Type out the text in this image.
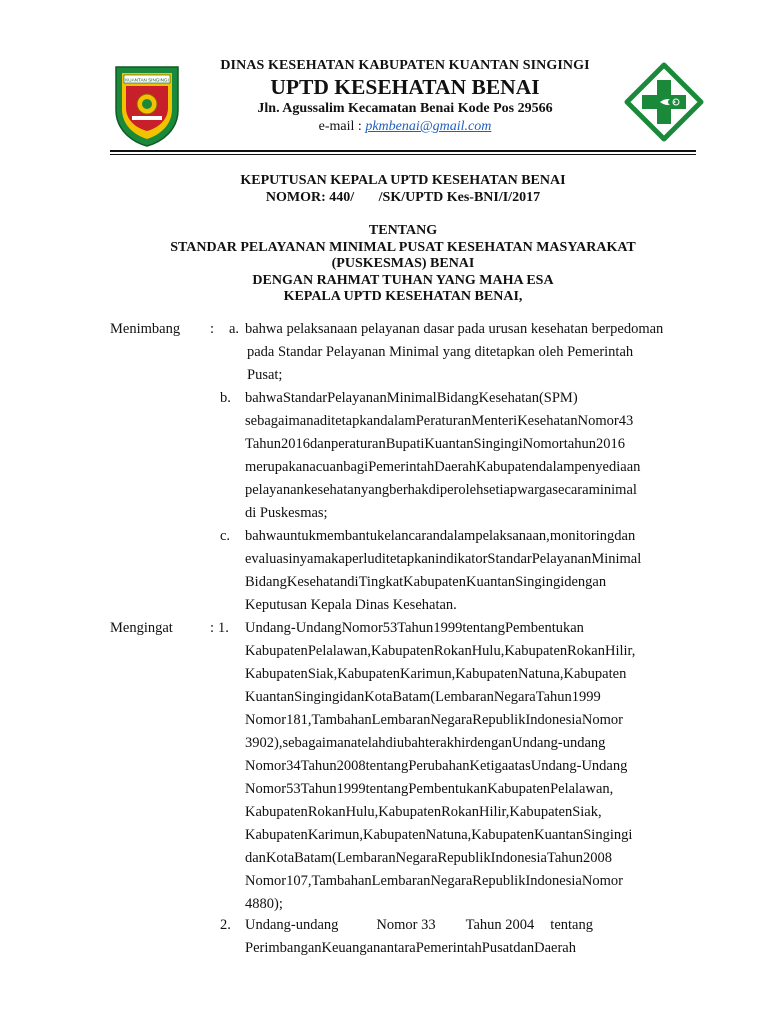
KUANTAN SINGINGI
DINAS KESEHATAN KABUPATEN KUANTAN SINGINGI
UPTD KESEHATAN BENAI
Jln. Agussalim Kecamatan Benai Kode Pos 29566
e-mail : pkmbenai@gmail.com
KEPUTUSAN KEPALA UPTD KESEHATAN BENAI
NOMOR: 440/       /SK/UPTD Kes-BNI/I/2017
TENTANG
STANDAR PELAYANAN MINIMAL PUSAT KESEHATAN MASYARAKAT
(PUSKESMAS) BENAI
DENGAN RAHMAT TUHAN YANG MAHA ESA
KEPALA UPTD KESEHATAN BENAI,
Menimbang : a. bahwa pelaksanaan pelayanan dasar pada urusan kesehatan berpedoman
pada Standar Pelayanan Minimal yang ditetapkan oleh Pemerintah
Pusat;
b. bahwaStandarPelayananMinimalBidangKesehatan(SPM)
sebagaimanaditetapkandalamPeraturanMenteriKesehatanNomor43
Tahun2016danperaturanBupatiKuantanSingingiNomortahun2016
merupakanacuanbagiPemerintahDaerahKabupatendalampenyediaan
pelayanankesehatanyangberhakdiperolehsetiapwargasecaraminimal
di Puskesmas;
c. bahwauntukmembantukelancarandalampelaksanaan,monitoringdan
evaluasinyamakaperluditetapkanindikatorStandarPelayananMinimal
BidangKesehatandiTingkatKabupatenKuantanSingingidengan
Keputusan Kepala Dinas Kesehatan.
Mengingat	: 1. Undang-UndangNomor53Tahun1999tentangPembentukan
KabupatenPelalawan,KabupatenRokanHulu,KabupatenRokanHilir,
KabupatenSiak,KabupatenKarimun,KabupatenNatuna,Kabupaten
KuantanSingingidanKotaBatam(LembaranNegaraTahun1999
Nomor181,TambahanLembaranNegaraRepublikIndonesiaNomor
3902),sebagaimanatelahdiubahterakhirdenganUndang-undang
Nomor34Tahun2008tentangPerubahanKetigaatasUndang-Undang
Nomor53Tahun1999tentangPembentukanKabupatenPelalawan,
KabupatenRokanHulu,KabupatenRokanHilir,KabupatenSiak,
KabupatenKarimun,KabupatenNatuna,KabupatenKuantanSingingi
danKotaBatam(LembaranNegaraRepublikIndonesiaTahun2008
Nomor107,TambahanLembaranNegaraRepublikIndonesiaNomor
4880);
2. Undang-undang	Nomor 33 Tahun 2004 tentang
PerimbanganKeuanganantaraPemerintahPusatdanDaerah
